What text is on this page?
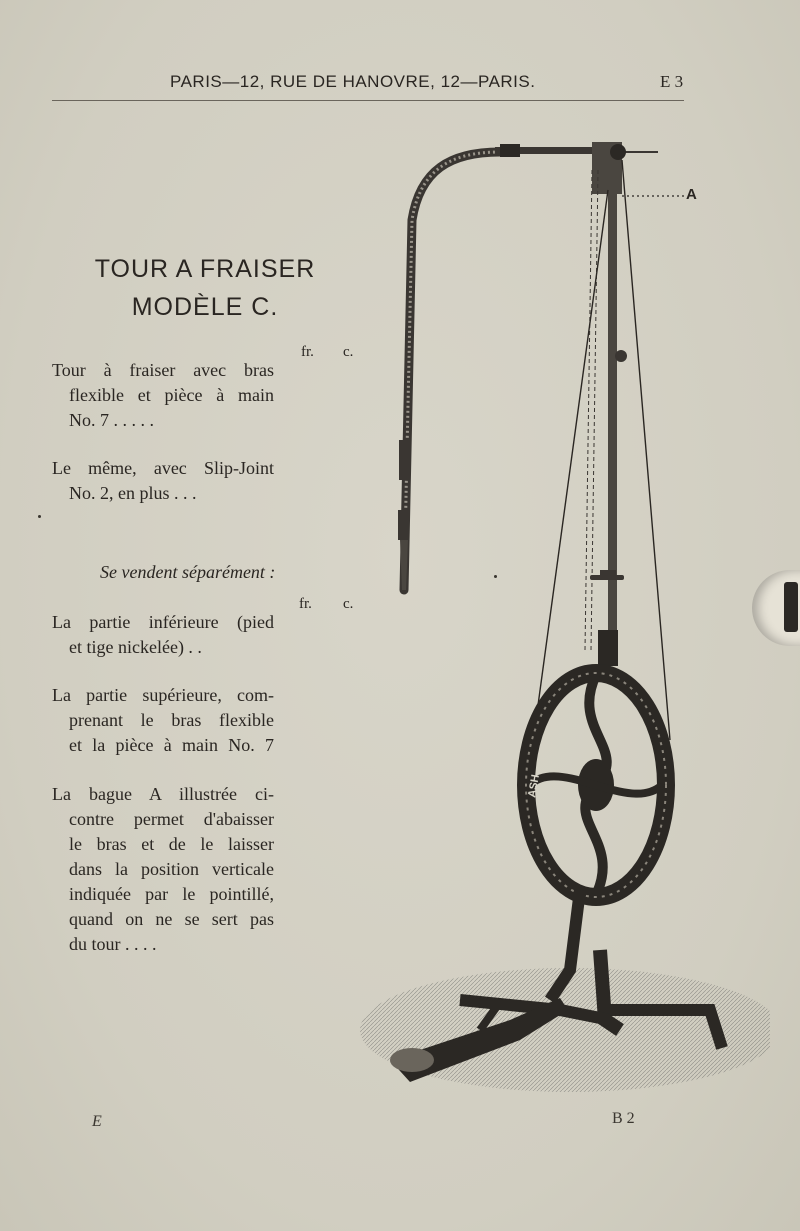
PARIS—12, RUE DE HANOVRE, 12—PARIS.	E 3
TOUR A FRAISER
MODÈLE C.
fr. c.
Tour à fraiser avec bras
flexible et pièce à main
No. 7 . . . . .
Le même, avec Slip-Joint
No. 2, en plus . . .
Se vendent séparément :
fr. c.
La partie inférieure (pied
et tige nickelée) . .
La partie supérieure, com-
prenant le bras flexible
et la pièce à main No. 7
La bague A illustrée ci-
contre permet d'abaisser
le bras et de le laisser
dans la position verticale
indiquée par le pointillé,
quand on ne se sert pas
du tour . . . .
ASH
A
E	B 2
